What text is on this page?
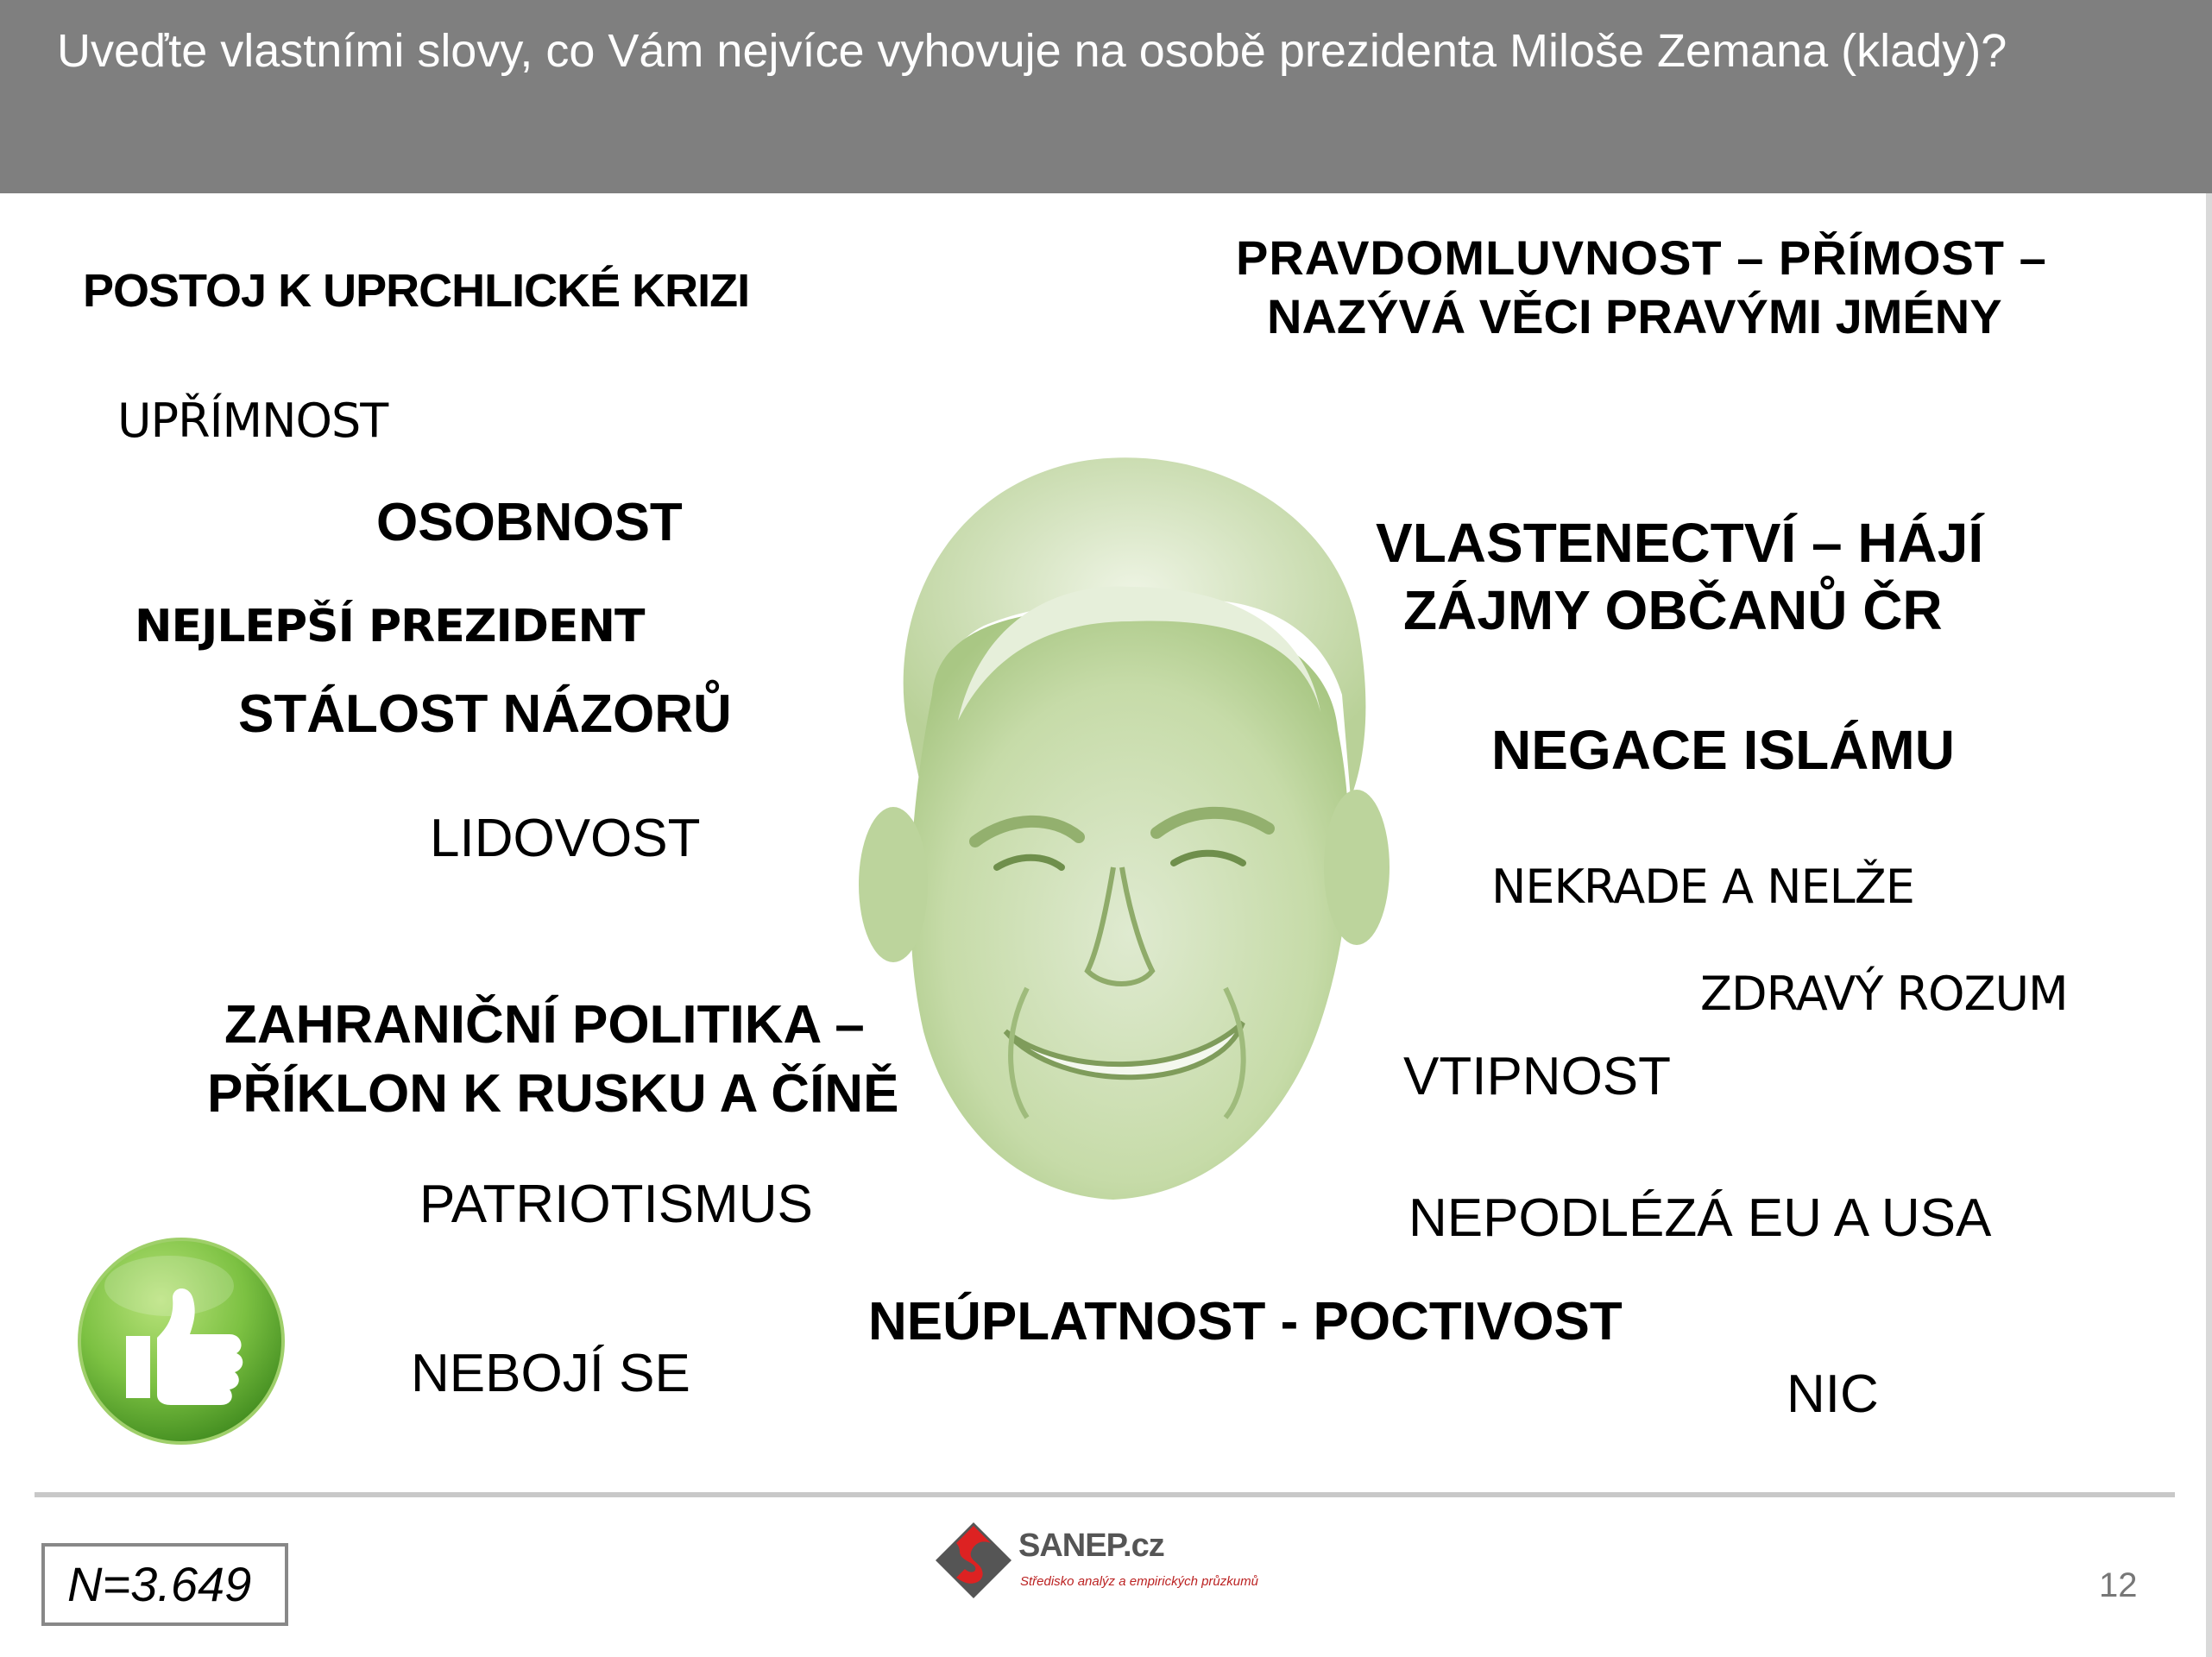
Uveďte vlastními slovy, co Vám nejvíce vyhovuje na osobě prezidenta Miloše Zemana (klady)?
POSTOJ K UPRCHLICKÉ KRIZI
UPŘÍMNOST
OSOBNOST
NEJLEPŠÍ PREZIDENT
STÁLOST NÁZORŮ
LIDOVOST
ZAHRANIČNÍ POLITIKA –
PŘÍKLON K RUSKU A ČÍNĚ
PATRIOTISMUS
NEBOJÍ SE
PRAVDOMLUVNOST – PŘÍMOST –
NAZÝVÁ VĚCI PRAVÝMI JMÉNY
VLASTENECTVÍ – HÁJÍ
ZÁJMY OBČANŮ ČR
NEGACE ISLÁMU
NEKRADE A NELŽE
ZDRAVÝ ROZUM
VTIPNOST
NEPODLÉZÁ EU A USA
NEÚPLATNOST - POCTIVOST
NIC
N=3.649
SANEP.cz
Středisko analýz a empirických průzkumů	12
